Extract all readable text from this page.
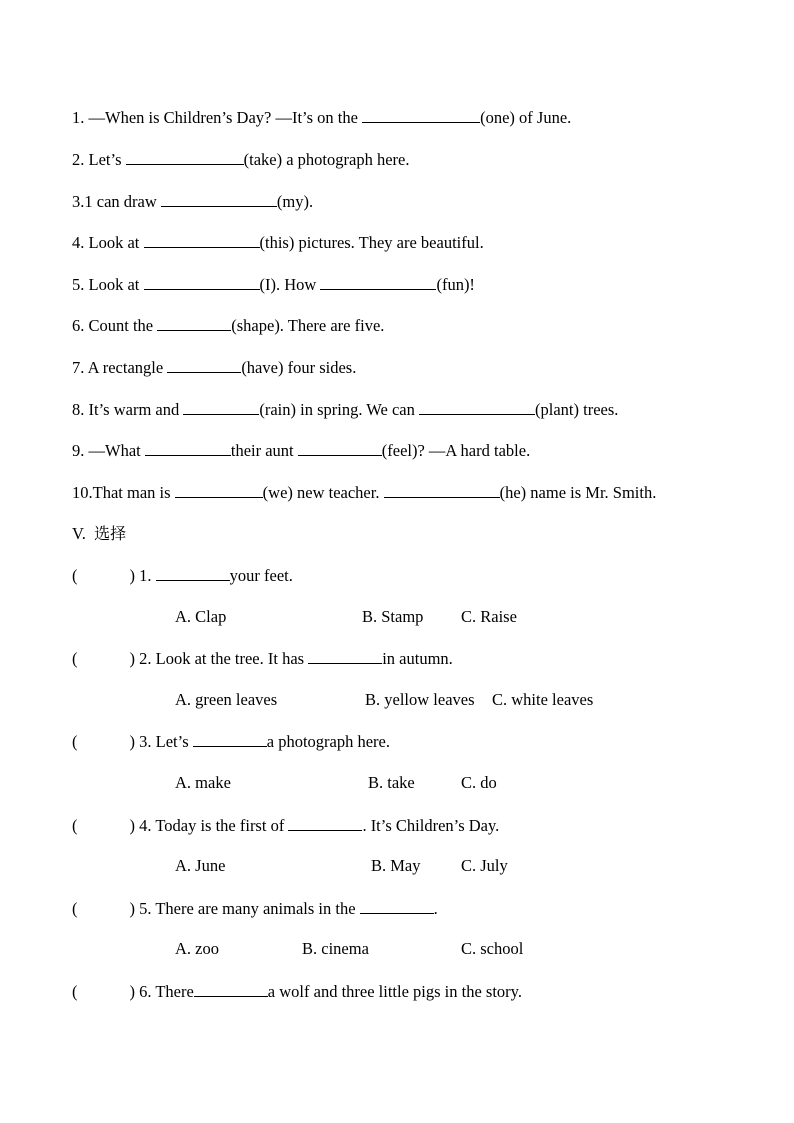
1. —When is Children’s Day? —It’s on the	(one) of June.
2. Let’s	(take) a photograph here.
3.1 can draw	(my).
4. Look at	(this) pictures. They are beautiful.
5. Look at	(I). How	(fun)!
6. Count the	(shape). There are five.
7. A rectangle	(have) four sides.
8. It’s warm and	(rain) in spring. We can	(plant) trees.
9. —What	their aunt	(feel)? —A hard table.
10.That man is	(we) new teacher.	(he) name is Mr. Smith.
V. 选择
(	) 1.	your feet.
A. Clap	B. Stamp C. Raise
(	) 2. Look at the tree. It has	in autumn.
A. green leaves	B. yellow leaves C. white leaves
(	) 3. Let’s	a photograph here.
A. make	B. take	C. do
(	) 4. Today is the first of	. It’s Children’s Day.
A. June	B. May C. July
(	) 5. There are many animals in the	.
A. zoo	B. cinema	C. school
(	) 6. There	a wolf and three little pigs in the story.
